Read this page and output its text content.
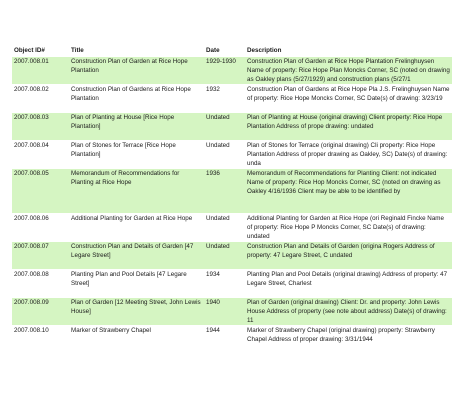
Object ID#	Title	Date	Description
2007.008.01	Construction Plan of Garden at Rice Hope Plantation	1929-1930	Construction Plan of Garden at Rice Hope Plantation Frelinghuysen Name of property: Rice Hope Plan Moncks Corner, SC (noted on drawing as Oakley plans (5/27/1929) and construction plans (5/27/1
2007.008.02	Construction Plan of Gardens at Rice Hope Plantation	1932	Construction Plan of Gardens at Rice Hope Pla J.S. Frelinghuysen Name of property: Rice Hope Moncks Corner, SC Date(s) of drawing: 3/23/19
2007.008.03	Plan of Planting at House [Rice Hope Plantation]	Undated	Plan of Planting at House (original drawing) Client property: Rice Hope Plantation Address of prope drawing: undated
2007.008.04	Plan of Stones for Terrace [Rice Hope Plantation]	Undated	Plan of Stones for Terrace (original drawing) Cli property: Rice Hope Plantation Address of proper drawing as Oakley, SC) Date(s) of drawing: unda
2007.008.05	Memorandum of Recommendations for Planting at Rice Hope	1936	Memorandum of Recommendations for Planting Client: not indicated Name of property: Rice Hop Moncks Corner, SC (noted on drawing as Oakley 4/16/1936 Client may be able to be identified by
2007.008.06	Additional Planting for Garden at Rice Hope	Undated	Additional Planting for Garden at Rice Hope (ori Reginald Fincke Name of property: Rice Hope P Moncks Corner, SC Date(s) of drawing: undated
2007.008.07	Construction Plan and Details of Garden [47 Legare Street]	Undated	Construction Plan and Details of Garden (origina Rogers Address of property: 47 Legare Street, C undated
2007.008.08	Planting Plan and Pool Details [47 Legare Street]	1934	Planting Plan and Pool Details (original drawing) Address of property: 47 Legare Street, Charlest
2007.008.09	Plan of Garden [12 Meeting Street, John Lewis House]	1940	Plan of Garden (original drawing) Client: Dr. and property: John Lewis House Address of property (see note about address) Date(s) of drawing: 11
2007.008.10	Marker of Strawberry Chapel	1944	Marker of Strawberry Chapel (original drawing) property: Strawberry Chapel Address of proper drawing: 3/31/1944
